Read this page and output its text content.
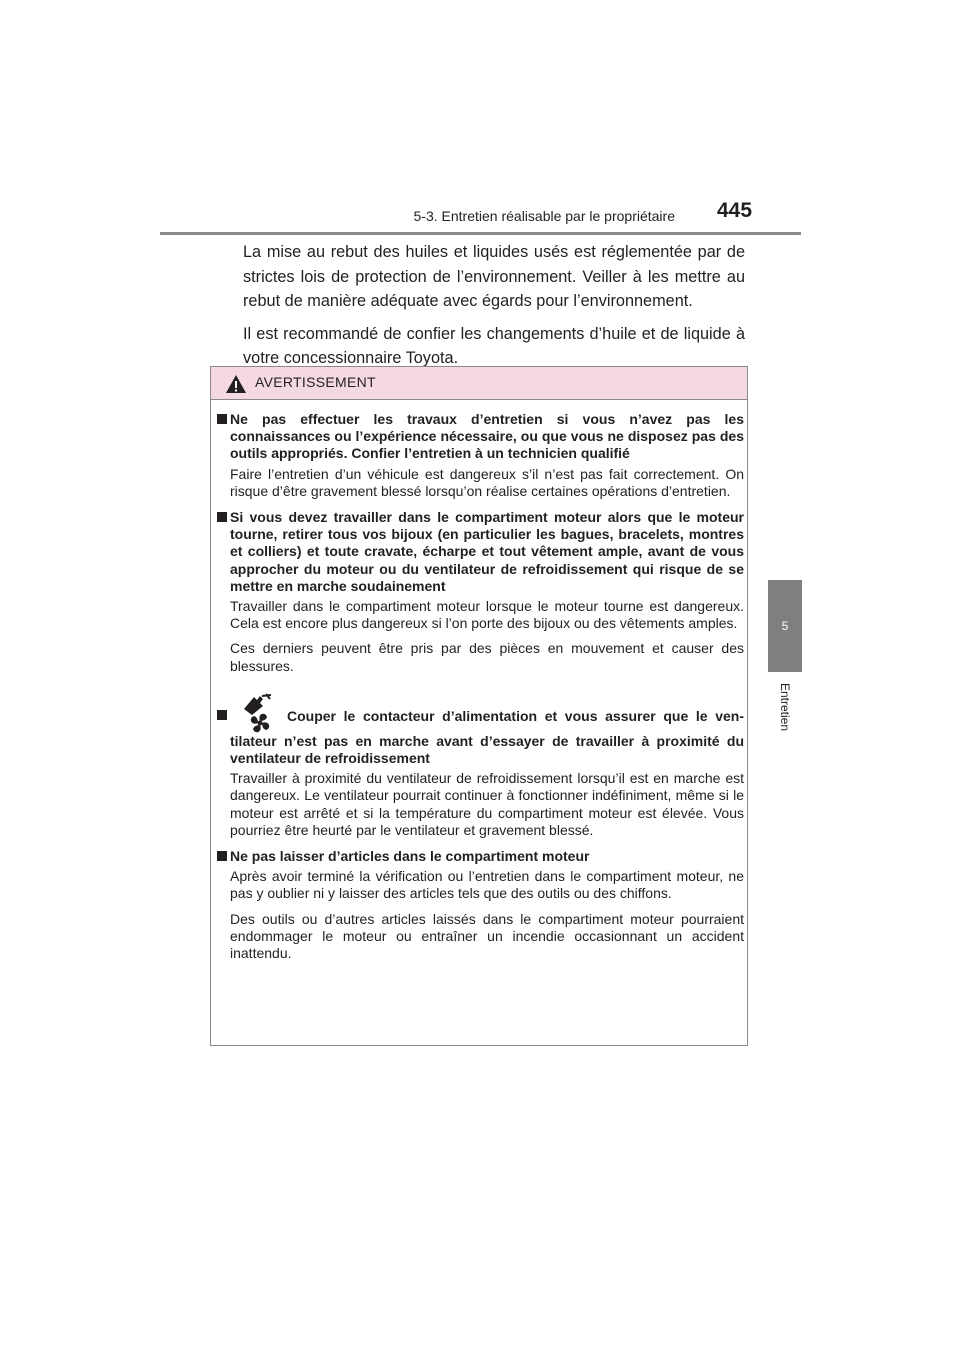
5-3. Entretien réalisable par le propriétaire 445
5
Entretien

La mise au rebut des huiles et liquides usés est réglementée par de strictes lois de protection de l’environnement. Veiller à les mettre au rebut de manière adéquate avec égards pour l’environnement.

Il est recommandé de confier les changements d’huile et de liquide à votre concessionnaire Toyota.

AVERTISSEMENT
Ne pas effectuer les travaux d’entretien si vous n’avez pas les connaissances ou l’expérience nécessaire, ou que vous ne disposez pas des outils appropriés. Confier l’entretien à un technicien qualifié
Faire l’entretien d’un véhicule est dangereux s’il n’est pas fait correctement. On risque d’être gravement blessé lorsqu’on réalise certaines opérations d’entretien.
Si vous devez travailler dans le compartiment moteur alors que le moteur tourne, retirer tous vos bijoux (en particulier les bagues, bracelets, montres et colliers) et toute cravate, écharpe et tout vêtement ample, avant de vous approcher du moteur ou du ventilateur de refroidissement qui risque de se mettre en marche soudainement
Travailler dans le compartiment moteur lorsque le moteur tourne est dangereux. Cela est encore plus dangereux si l’on porte des bijoux ou des vêtements amples.
Ces derniers peuvent être pris par des pièces en mouvement et causer des blessures.
Couper le contacteur d’alimentation et vous assurer que le ven-
tilateur n’est pas en marche avant d’essayer de travailler à proximité du ventilateur de refroidissement
Travailler à proximité du ventilateur de refroidissement lorsqu’il est en marche est dangereux. Le ventilateur pourrait continuer à fonctionner indéfiniment, même si le moteur est arrêté et si la température du compartiment moteur est élevée. Vous pourriez être heurté par le ventilateur et gravement blessé.
Ne pas laisser d’articles dans le compartiment moteur
Après avoir terminé la vérification ou l’entretien dans le compartiment moteur, ne pas y oublier ni y laisser des articles tels que des outils ou des chiffons.
Des outils ou d’autres articles laissés dans le compartiment moteur pourraient endommager le moteur ou entraîner un incendie occasionnant un accident inattendu.
